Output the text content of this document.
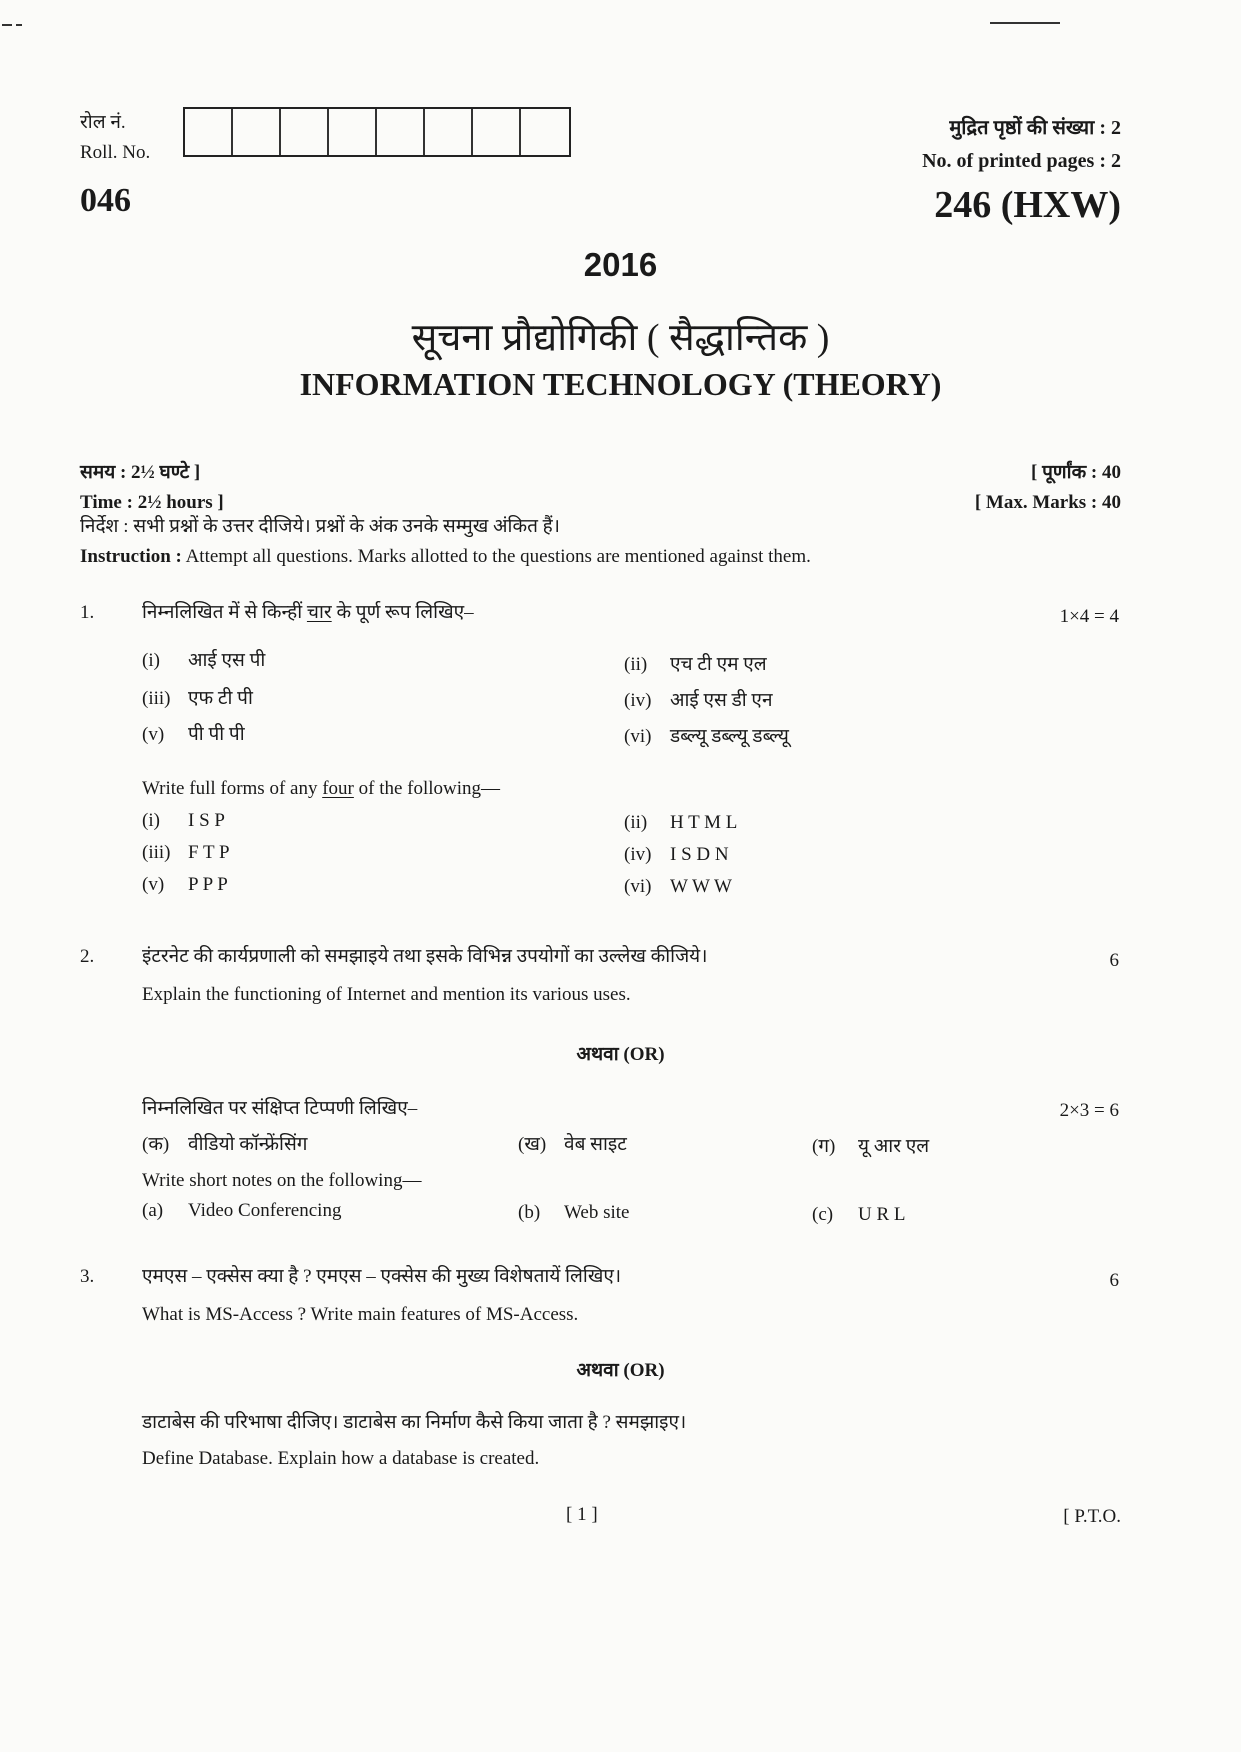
रोल नं.
Roll. No.
046
मुद्रित पृष्ठों की संख्या : 2
No. of printed pages : 2
246 (HXW)
2016
सूचना प्रौद्योगिकी ( सैद्धान्तिक )
INFORMATION TECHNOLOGY (THEORY)
समय : 2½ घण्टे ]
Time : 2½ hours ]
[ पूर्णांक : 40
[ Max. Marks : 40
निर्देश : सभी प्रश्नों के उत्तर दीजिये। प्रश्नों के अंक उनके सम्मुख अंकित हैं।
Instruction : Attempt all questions. Marks allotted to the questions are mentioned against them.
1.	निम्नलिखित में से किन्हीं चार के पूर्ण रूप लिखिए–	1×4 = 4
(i) आई एस पी	(ii) एच टी एम एल
(iii) एफ टी पी	(iv) आई एस डी एन
(v) पी पी पी	(vi) डब्ल्यू डब्ल्यू डब्ल्यू
Write full forms of any four of the following—
(i) I S P	(ii) H T M L
(iii) F T P	(iv) I S D N
(v) P P P	(vi) W W W
2.	इंटरनेट की कार्यप्रणाली को समझाइये तथा इसके विभिन्न उपयोगों का उल्लेख कीजिये।	6
Explain the functioning of Internet and mention its various uses.
अथवा (OR)
निम्नलिखित पर संक्षिप्त टिप्पणी लिखिए–	2×3 = 6
(क) वीडियो कॉन्फ्रेंसिंग	(ख) वेब साइट	(ग) यू आर एल
Write short notes on the following—
(a) Video Conferencing	(b) Web site	(c) U R L
3.	एमएस – एक्सेस क्या है ? एमएस – एक्सेस की मुख्य विशेषतायें लिखिए।	6
What is MS-Access ? Write main features of MS-Access.
अथवा (OR)
डाटाबेस की परिभाषा दीजिए। डाटाबेस का निर्माण कैसे किया जाता है ? समझाइए।
Define Database. Explain how a database is created.
[ 1 ]	[ P.T.O.
